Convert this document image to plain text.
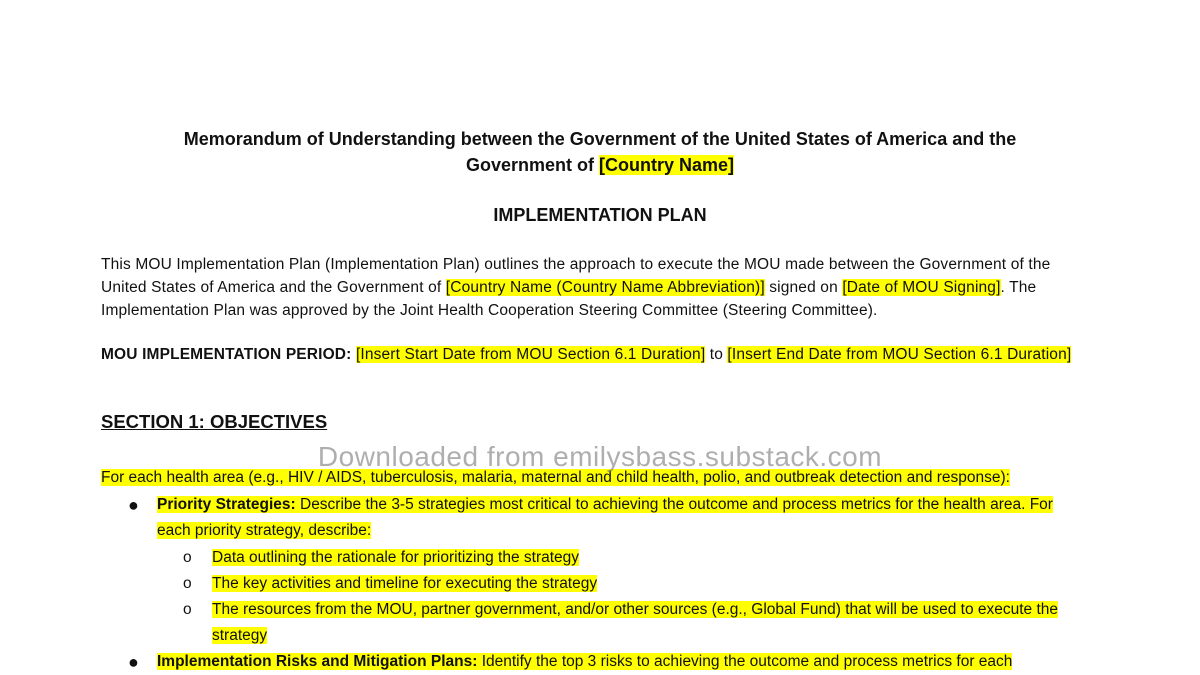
Memorandum of Understanding between the Government of the United States of America and the
Government of [Country Name]
IMPLEMENTATION PLAN
This MOU Implementation Plan (Implementation Plan) outlines the approach to execute the MOU made between the Government of the United States of America and the Government of [Country Name (Country Name Abbreviation)] signed on [Date of MOU Signing]. The Implementation Plan was approved by the Joint Health Cooperation Steering Committee (Steering Committee).
MOU IMPLEMENTATION PERIOD: [Insert Start Date from MOU Section 6.1 Duration] to [Insert End Date from MOU Section 6.1 Duration]
SECTION 1: OBJECTIVES
For each health area (e.g., HIV / AIDS, tuberculosis, malaria, maternal and child health, polio, and outbreak detection and response):
● Priority Strategies: Describe the 3-5 strategies most critical to achieving the outcome and process metrics for the health area. For each priority strategy, describe:
o Data outlining the rationale for prioritizing the strategy
o The key activities and timeline for executing the strategy
o The resources from the MOU, partner government, and/or other sources (e.g., Global Fund) that will be used to execute the strategy
● Implementation Risks and Mitigation Plans: Identify the top 3 risks to achieving the outcome and process metrics for each
Downloaded from emilysbass.substack.com
